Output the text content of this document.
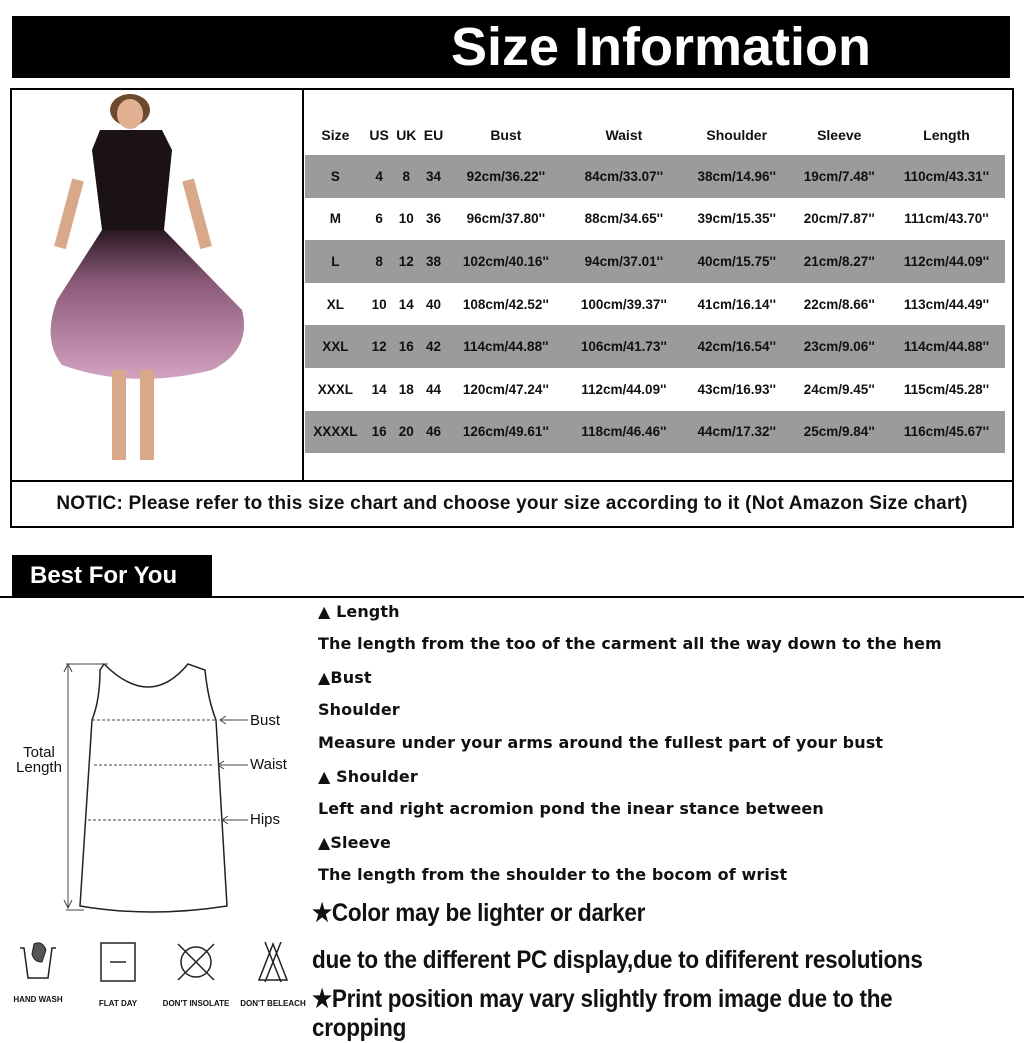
Size Information
Size	US	UK	EU	Bust	Waist	Shoulder	Sleeve	Length
S	4	8	34	92cm/36.22''	84cm/33.07''	38cm/14.96''	19cm/7.48''	110cm/43.31''
M	6	10	36	96cm/37.80''	88cm/34.65''	39cm/15.35''	20cm/7.87''	111cm/43.70''
L	8	12	38	102cm/40.16''	94cm/37.01''	40cm/15.75''	21cm/8.27''	112cm/44.09''
XL	10	14	40	108cm/42.52''	100cm/39.37''	41cm/16.14''	22cm/8.66''	113cm/44.49''
XXL	12	16	42	114cm/44.88''	106cm/41.73''	42cm/16.54''	23cm/9.06''	114cm/44.88''
XXXL	14	18	44	120cm/47.24''	112cm/44.09''	43cm/16.93''	24cm/9.45''	115cm/45.28''
XXXXL	16	20	46	126cm/49.61''	118cm/46.46''	44cm/17.32''	25cm/9.84''	116cm/45.67''
NOTIC: Please refer to this size chart and choose your size according to it (Not Amazon Size chart)
Best For You
Total Length
Bust
Waist
Hips
▲ Length
The length from the too of the carment all the way down to the hem
▲Bust
Shoulder
Measure under your arms around the fullest part of your bust
▲ Shoulder
Left and right acromion pond the inear stance between
▲Sleeve
The length from the shoulder to the bocom of wrist
★Color may be lighter or darker
due to the different PC display,due to dififerent resolutions
★Print position may vary slightly from image due to the cropping
HAND WASH	FLAT DAY	DON'T INSOLATE DON'T BELEACH
